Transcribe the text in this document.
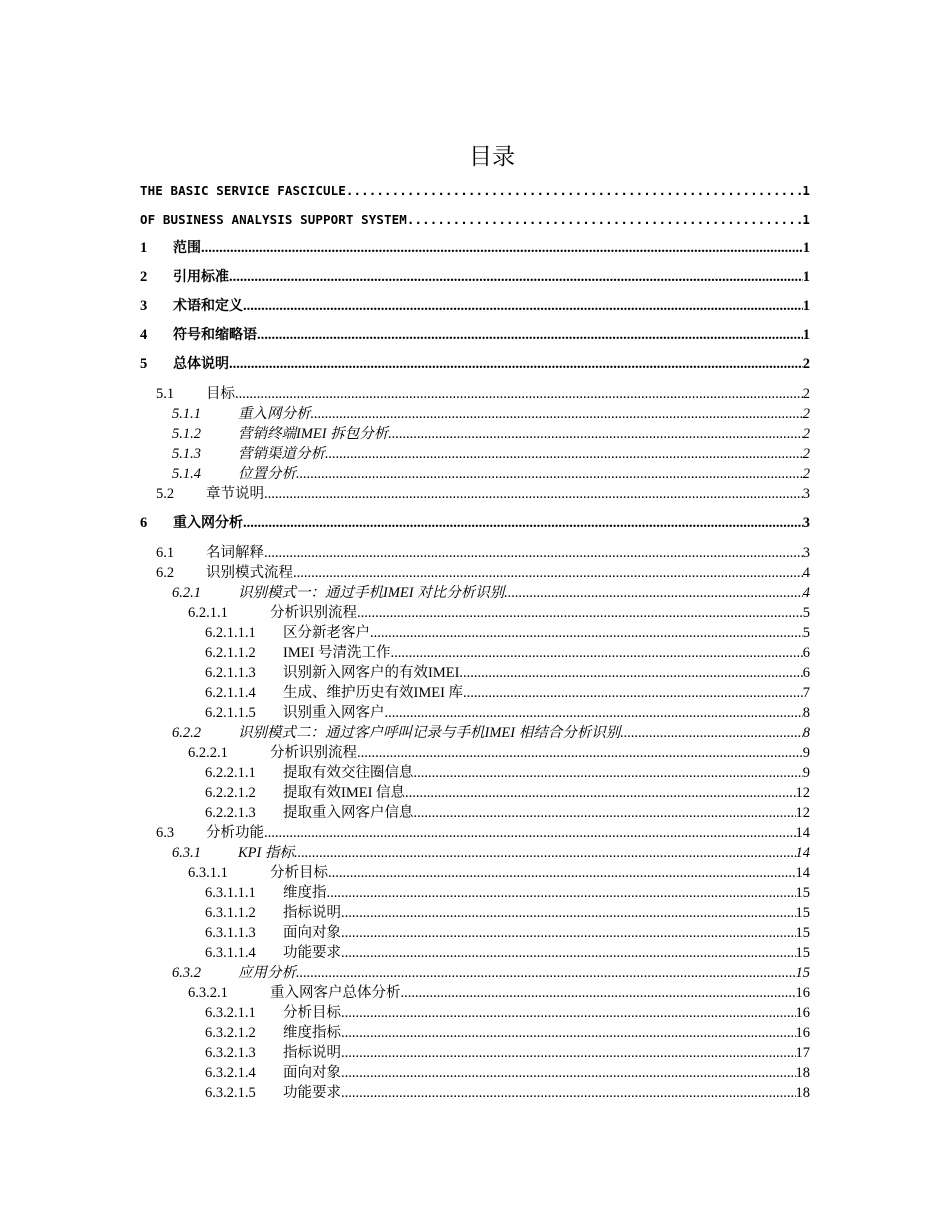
目录
THE BASIC SERVICE FASCICULE .....	1
OF BUSINESS ANALYSIS SUPPORT SYSTEM .....	1
1	范围 .....	1
2	引用标准 .....	1
3	术语和定义 .....	1
4	符号和缩略语 .....	1
5	总体说明 .....	2
5.1	目标 .....	2
5.1.1	重入网分析 .....	2
5.1.2	营销终端IMEI 拆包分析 .....	2
5.1.3	营销渠道分析 .....	2
5.1.4	位置分析 .....	2
5.2	章节说明 .....	3
6	重入网分析 .....	3
6.1	名词解释 .....	3
6.2	识别模式流程 .....	4
6.2.1	识别模式一：通过手机IMEI 对比分析识别 .....	4
6.2.1.1	分析识别流程 .....	5
6.2.1.1.1	区分新老客户 .....	5
6.2.1.1.2	IMEI 号清洗工作 .....	6
6.2.1.1.3	识别新入网客户的有效IMEI .....	6
6.2.1.1.4	生成、维护历史有效IMEI 库 .....	7
6.2.1.1.5	识别重入网客户 .....	8
6.2.2	识别模式二：通过客户呼叫记录与手机IMEI 相结合分析识别 .....	8
6.2.2.1	分析识别流程 .....	9
6.2.2.1.1	提取有效交往圈信息 .....	9
6.2.2.1.2	提取有效IMEI 信息 .....	12
6.2.2.1.3	提取重入网客户信息 .....	12
6.3	分析功能 .....	14
6.3.1	KPI 指标 .....	14
6.3.1.1	分析目标 .....	14
6.3.1.1.1	维度指 .....	15
6.3.1.1.2	指标说明 .....	15
6.3.1.1.3	面向对象 .....	15
6.3.1.1.4	功能要求 .....	15
6.3.2	应用分析 .....	15
6.3.2.1	重入网客户总体分析 .....	16
6.3.2.1.1	分析目标 .....	16
6.3.2.1.2	维度指标 .....	16
6.3.2.1.3	指标说明 .....	17
6.3.2.1.4	面向对象 .....	18
6.3.2.1.5	功能要求 .....	18
